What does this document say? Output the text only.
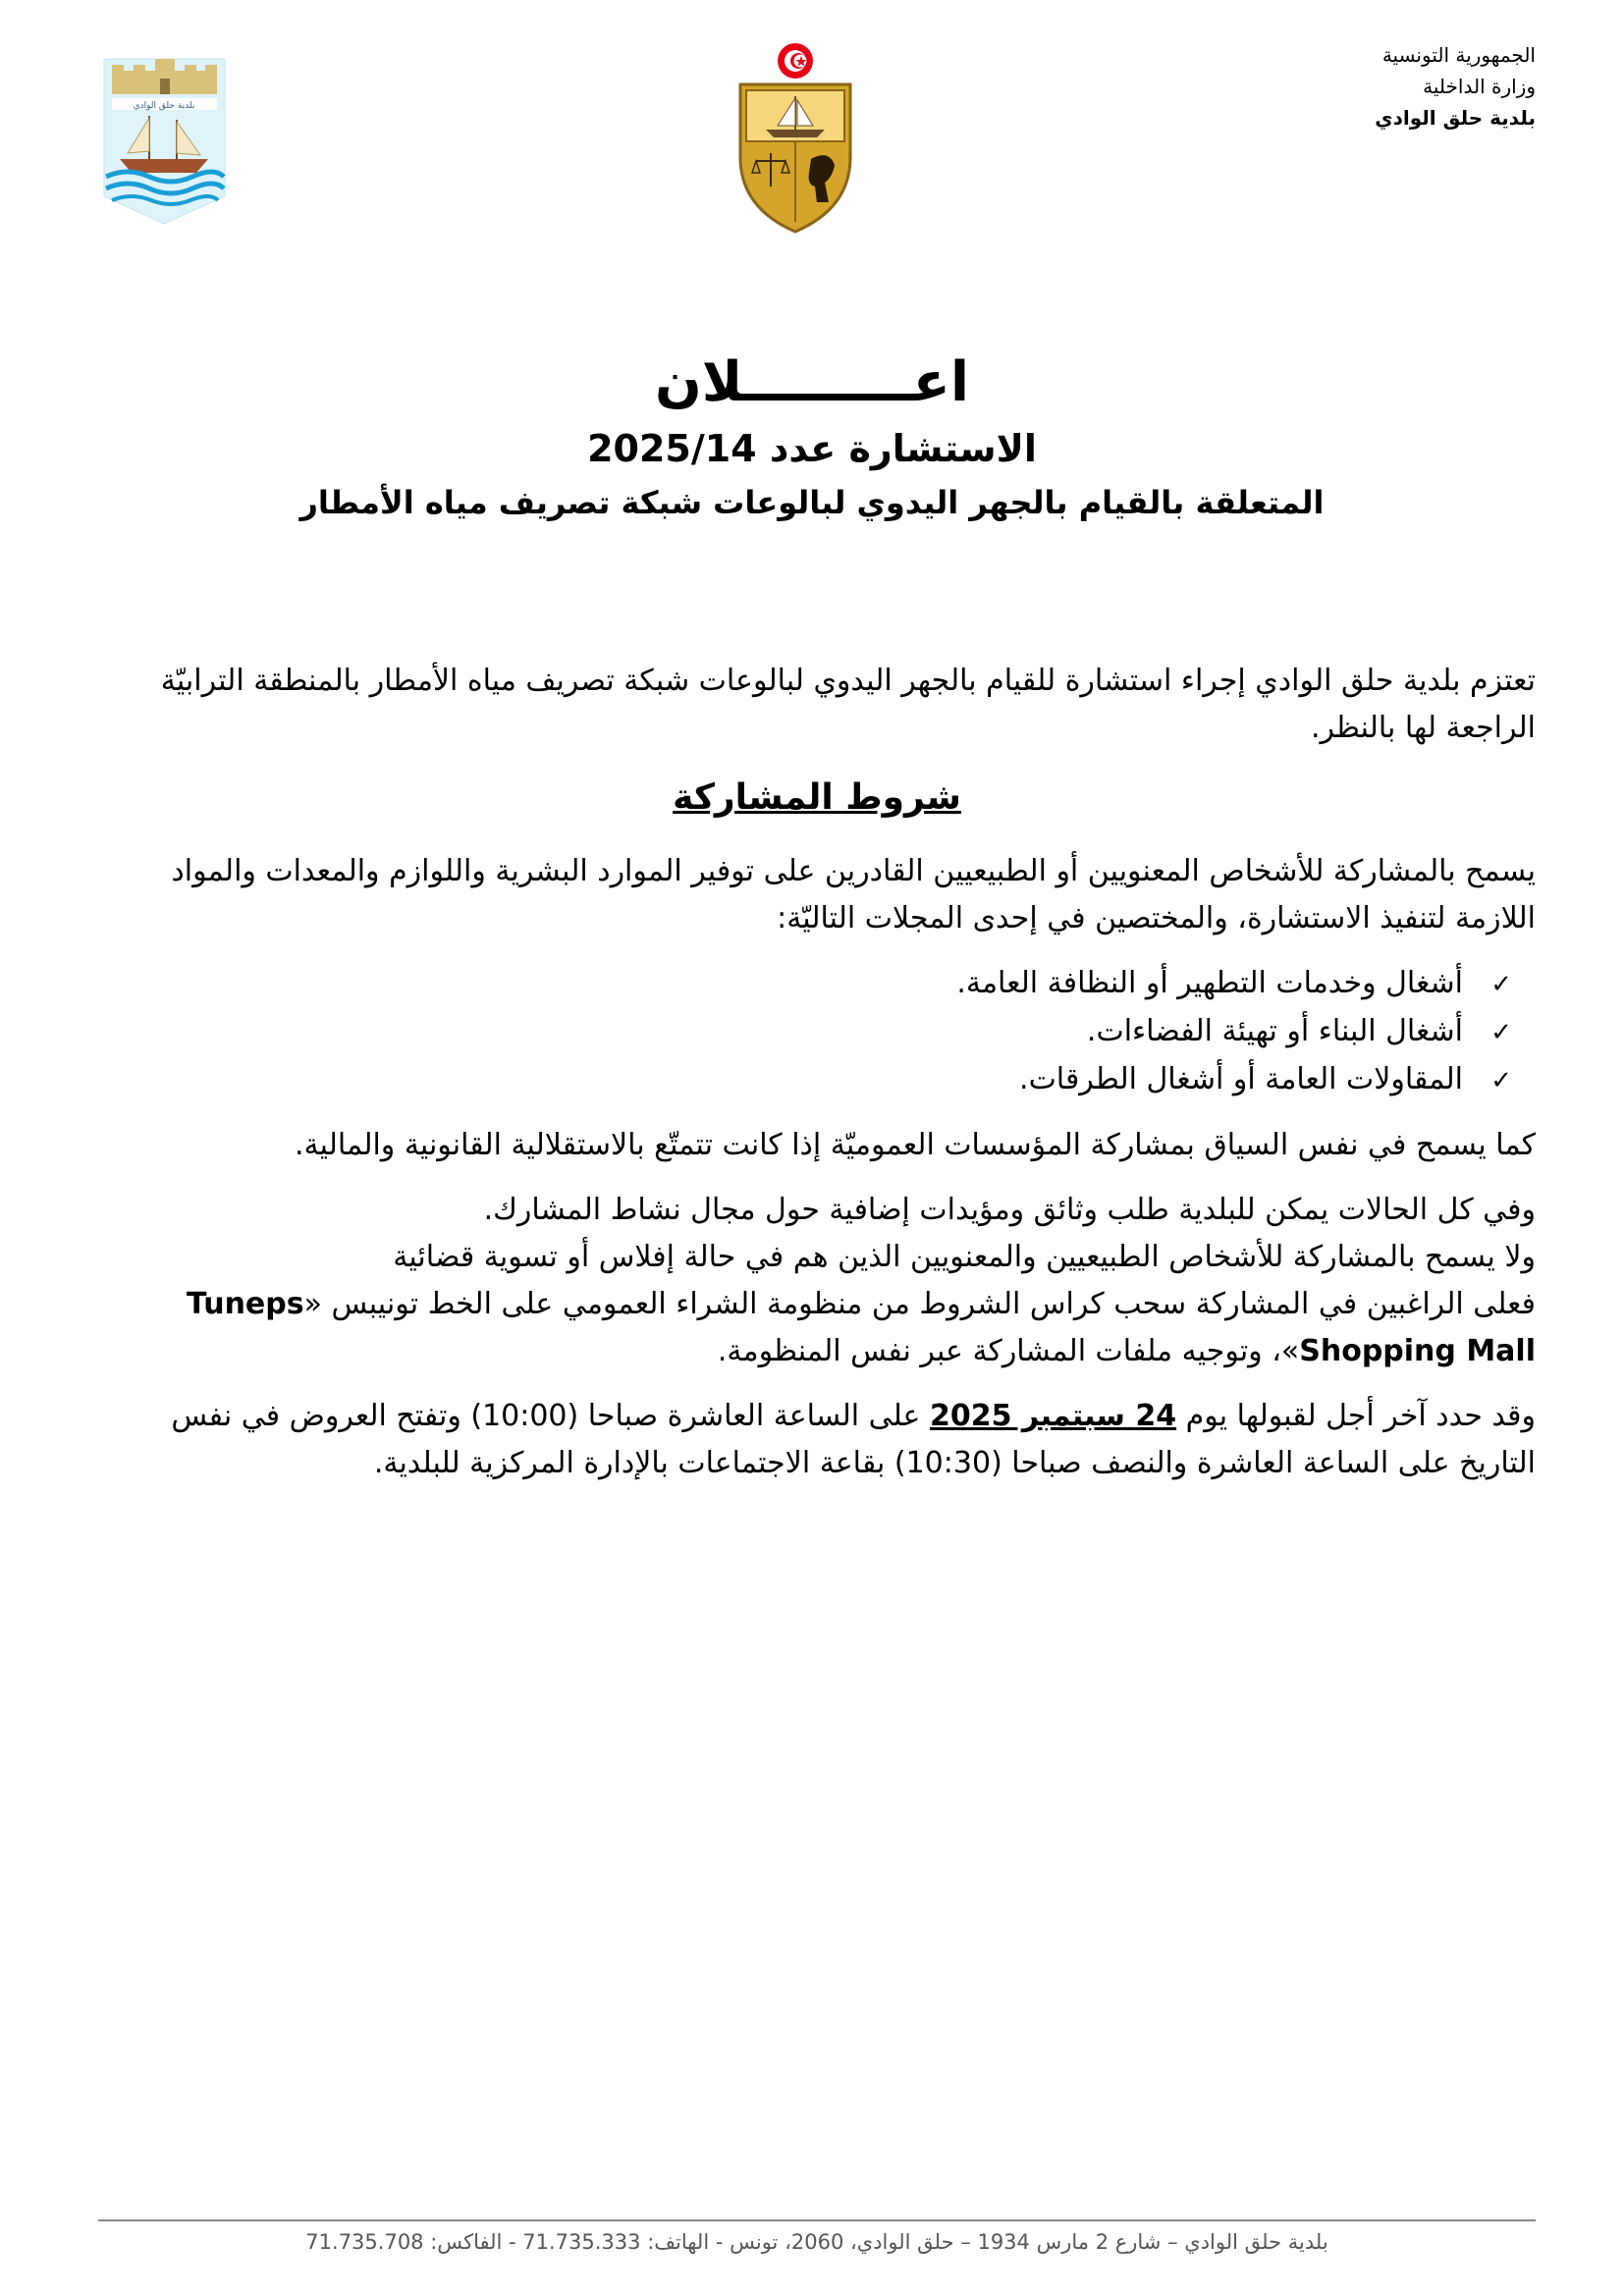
الجمهورية التونسية
وزارة الداخلية
بلدية حلق الوادي
بلدية حلق الوادي
اعـــــــــلان
الاستشارة عدد 2025/14
المتعلقة بالقيام بالجهر اليدوي لبالوعات شبكة تصريف مياه الأمطار

تعتزم بلدية حلق الوادي إجراء استشارة للقيام بالجهر اليدوي لبالوعات شبكة تصريف مياه الأمطار بالمنطقة الترابيّة الراجعة لها بالنظر.

شروط المشاركة

يسمح بالمشاركة للأشخاص المعنويين أو الطبيعيين القادرين على توفير الموارد البشرية واللوازم والمعدات والمواد اللازمة لتنفيذ الاستشارة، والمختصين في إحدى المجلات التاليّة:

✓أشغال وخدمات التطهير أو النظافة العامة.
✓أشغال البناء أو تهيئة الفضاءات.
✓المقاولات العامة أو أشغال الطرقات.

كما يسمح في نفس السياق بمشاركة المؤسسات العموميّة إذا كانت تتمتّع بالاستقلالية القانونية والمالية.

وفي كل الحالات يمكن للبلدية طلب وثائق ومؤيدات إضافية حول مجال نشاط المشارك.
ولا يسمح بالمشاركة للأشخاص الطبيعيين والمعنويين الذين هم في حالة إفلاس أو تسوية قضائية
فعلى الراغبين في المشاركة سحب كراس الشروط من منظومة الشراء العمومي على الخط تونيبس «Tuneps Shopping Mall»، وتوجيه ملفات المشاركة عبر نفس المنظومة.

وقد حدد آخر أجل لقبولها يوم 24 سبتمبر 2025 على الساعة العاشرة صباحا (10:00) وتفتح العروض في نفس التاريخ على الساعة العاشرة والنصف صباحا (10:30) بقاعة الاجتماعات بالإدارة المركزية للبلدية.

بلدية حلق الوادي – شارع 2 مارس 1934 – حلق الوادي، 2060، تونس - الهاتف: 71.735.333 - الفاكس: 71.735.708
